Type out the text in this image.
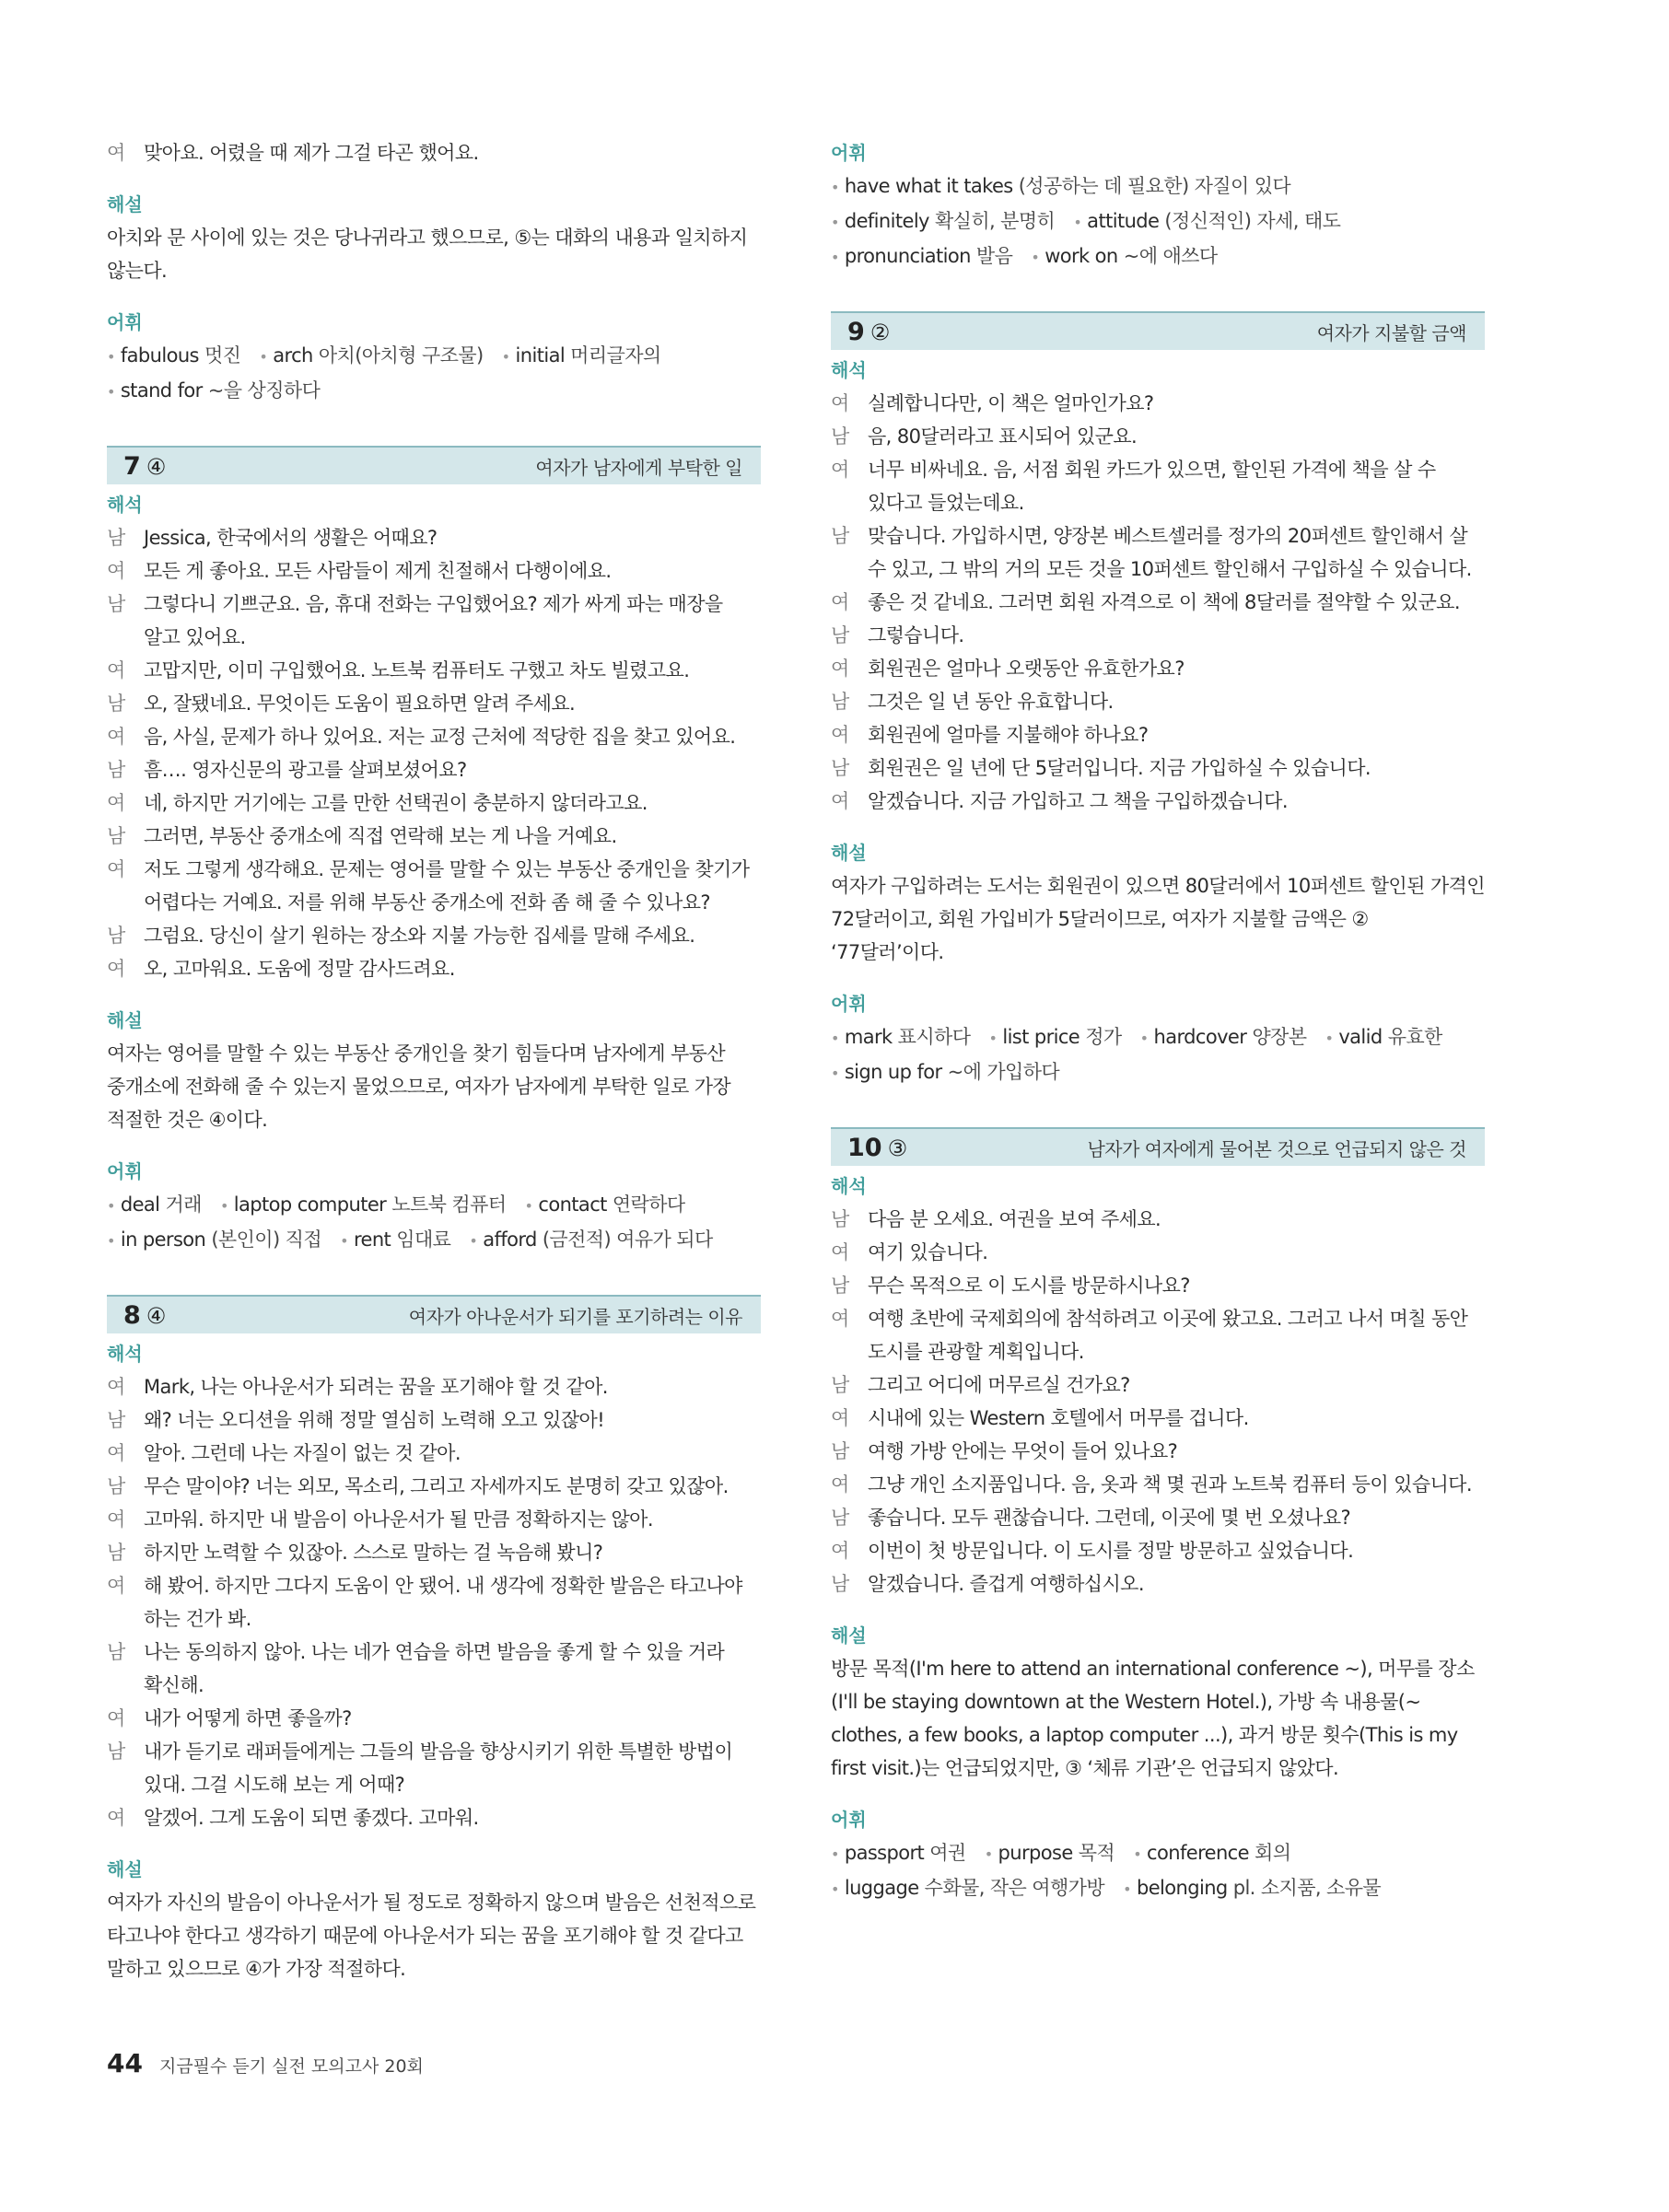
여 맞아요. 어렸을 때 제가 그걸 타곤 했어요.
해설
아치와 문 사이에 있는 것은 당나귀라고 했으므로, ⑤는 대화의 내용과 일치하지 않는다.
어휘
• fabulous 멋진 • arch 아치(아치형 구조물) • initial 머리글자의 • stand for ~을 상징하다
7 ④	여자가 남자에게 부탁한 일
해석
남 Jessica, 한국에서의 생활은 어때요?
여 모든 게 좋아요. 모든 사람들이 제게 친절해서 다행이에요.
남 그렇다니 기쁘군요. 음, 휴대 전화는 구입했어요? 제가 싸게 파는 매장을 알고 있어요.
여 고맙지만, 이미 구입했어요. 노트북 컴퓨터도 구했고 차도 빌렸고요.
남 오, 잘됐네요. 무엇이든 도움이 필요하면 알려 주세요.
여 음, 사실, 문제가 하나 있어요. 저는 교정 근처에 적당한 집을 찾고 있어요.
남 흠…. 영자신문의 광고를 살펴보셨어요?
여 네, 하지만 거기에는 고를 만한 선택권이 충분하지 않더라고요.
남 그러면, 부동산 중개소에 직접 연락해 보는 게 나을 거예요.
여 저도 그렇게 생각해요. 문제는 영어를 말할 수 있는 부동산 중개인을 찾기가 어렵다는 거예요. 저를 위해 부동산 중개소에 전화 좀 해 줄 수 있나요?
남 그럼요. 당신이 살기 원하는 장소와 지불 가능한 집세를 말해 주세요.
여 오, 고마워요. 도움에 정말 감사드려요.
해설
여자는 영어를 말할 수 있는 부동산 중개인을 찾기 힘들다며 남자에게 부동산 중개소에 전화해 줄 수 있는지 물었으므로, 여자가 남자에게 부탁한 일로 가장 적절한 것은 ④이다.
어휘
• deal 거래 • laptop computer 노트북 컴퓨터 • contact 연락하다 • in person (본인이) 직접 • rent 임대료 • afford (금전적) 여유가 되다
8 ④	여자가 아나운서가 되기를 포기하려는 이유
해석
여 Mark, 나는 아나운서가 되려는 꿈을 포기해야 할 것 같아.
남 왜? 너는 오디션을 위해 정말 열심히 노력해 오고 있잖아!
여 알아. 그런데 나는 자질이 없는 것 같아.
남 무슨 말이야? 너는 외모, 목소리, 그리고 자세까지도 분명히 갖고 있잖아.
여 고마워. 하지만 내 발음이 아나운서가 될 만큼 정확하지는 않아.
남 하지만 노력할 수 있잖아. 스스로 말하는 걸 녹음해 봤니?
여 해 봤어. 하지만 그다지 도움이 안 됐어. 내 생각에 정확한 발음은 타고나야 하는 건가 봐.
남 나는 동의하지 않아. 나는 네가 연습을 하면 발음을 좋게 할 수 있을 거라 확신해.
여 내가 어떻게 하면 좋을까?
남 내가 듣기로 래퍼들에게는 그들의 발음을 향상시키기 위한 특별한 방법이 있대. 그걸 시도해 보는 게 어때?
여 알겠어. 그게 도움이 되면 좋겠다. 고마워.
해설
여자가 자신의 발음이 아나운서가 될 정도로 정확하지 않으며 발음은 선천적으로 타고나야 한다고 생각하기 때문에 아나운서가 되는 꿈을 포기해야 할 것 같다고 말하고 있으므로 ④가 가장 적절하다.
어휘
• have what it takes (성공하는 데 필요한) 자질이 있다 • definitely 확실히, 분명히 • attitude (정신적인) 자세, 태도 • pronunciation 발음 • work on ~에 애쓰다
9 ②	여자가 지불할 금액
해석
여 실례합니다만, 이 책은 얼마인가요?
남 음, 80달러라고 표시되어 있군요.
여 너무 비싸네요. 음, 서점 회원 카드가 있으면, 할인된 가격에 책을 살 수 있다고 들었는데요.
남 맞습니다. 가입하시면, 양장본 베스트셀러를 정가의 20퍼센트 할인해서 살 수 있고, 그 밖의 거의 모든 것을 10퍼센트 할인해서 구입하실 수 있습니다.
여 좋은 것 같네요. 그러면 회원 자격으로 이 책에 8달러를 절약할 수 있군요.
남 그렇습니다.
여 회원권은 얼마나 오랫동안 유효한가요?
남 그것은 일 년 동안 유효합니다.
여 회원권에 얼마를 지불해야 하나요?
남 회원권은 일 년에 단 5달러입니다. 지금 가입하실 수 있습니다.
여 알겠습니다. 지금 가입하고 그 책을 구입하겠습니다.
해설
여자가 구입하려는 도서는 회원권이 있으면 80달러에서 10퍼센트 할인된 가격인 72달러이고, 회원 가입비가 5달러이므로, 여자가 지불할 금액은 ② ‘77달러’이다.
어휘
• mark 표시하다 • list price 정가 • hardcover 양장본 • valid 유효한 • sign up for ~에 가입하다
10 ③	남자가 여자에게 물어본 것으로 언급되지 않은 것
해석
남 다음 분 오세요. 여권을 보여 주세요.
여 여기 있습니다.
남 무슨 목적으로 이 도시를 방문하시나요?
여 여행 초반에 국제회의에 참석하려고 이곳에 왔고요. 그러고 나서 며칠 동안 도시를 관광할 계획입니다.
남 그리고 어디에 머무르실 건가요?
여 시내에 있는 Western 호텔에서 머무를 겁니다.
남 여행 가방 안에는 무엇이 들어 있나요?
여 그냥 개인 소지품입니다. 음, 옷과 책 몇 권과 노트북 컴퓨터 등이 있습니다.
남 좋습니다. 모두 괜찮습니다. 그런데, 이곳에 몇 번 오셨나요?
여 이번이 첫 방문입니다. 이 도시를 정말 방문하고 싶었습니다.
남 알겠습니다. 즐겁게 여행하십시오.
해설
방문 목적(I'm here to attend an international conference ~), 머무를 장소(I'll be staying downtown at the Western Hotel.), 가방 속 내용물(~ clothes, a few books, a laptop computer ...), 과거 방문 횟수(This is my first visit.)는 언급되었지만, ③ ‘체류 기관’은 언급되지 않았다.
어휘
• passport 여권 • purpose 목적 • conference 회의 • luggage 수화물, 작은 여행가방 • belonging pl. 소지품, 소유물
44 지금필수 듣기 실전 모의고사 20회
